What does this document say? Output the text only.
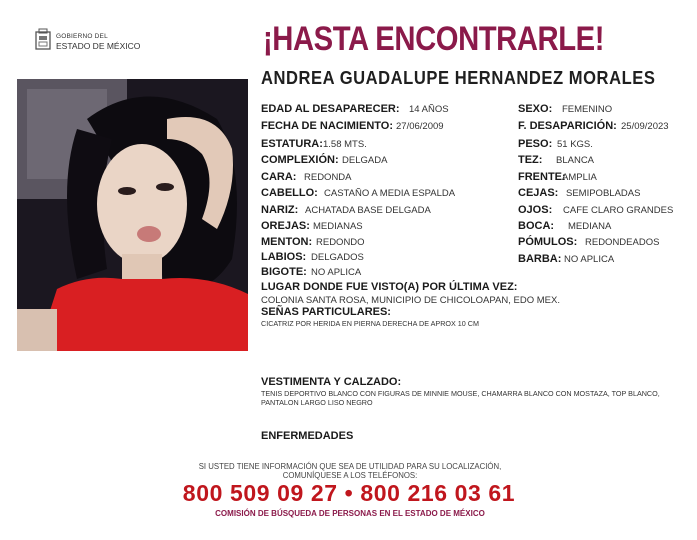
GOBIERNO DEL
ESTADO DE MÉXICO	¡HASTA ENCONTRARLE!
ANDREA GUADALUPE HERNANDEZ MORALES
EDAD AL DESAPARECER: 14 AÑOS
FECHA DE NACIMIENTO: 27/06/2009
ESTATURA: 1.58 MTS.
COMPLEXIÓN: DELGADA
CARA: REDONDA
CABELLO: CASTAÑO A MEDIA ESPALDA
NARIZ: ACHATADA BASE DELGADA
OREJAS: MEDIANAS
MENTON: REDONDO
LABIOS: DELGADOS
BIGOTE: NO APLICA
SEXO: FEMENINO
F. DESAPARICIÓN: 25/09/2023
PESO: 51 KGS.
TEZ: BLANCA
FRENTE:
AMPLIA
CEJAS: SEMIPOBLADAS
OJOS: CAFE CLARO GRANDES
BOCA: MEDIANA
PÓMULOS: REDONDEADOS
BARBA: NO APLICA
LUGAR DONDE FUE VISTO(A) POR ÚLTIMA VEZ:
COLONIA SANTA ROSA, MUNICIPIO DE CHICOLOAPAN, EDO MEX.
SEÑAS PARTICULARES:
CICATRIZ POR HERIDA EN PIERNA DERECHA DE APROX 10 CM
VESTIMENTA Y CALZADO:
TENIS DEPORTIVO BLANCO CON FIGURAS DE MINNIE MOUSE, CHAMARRA BLANCO CON MOSTAZA, TOP BLANCO,
PANTALON LARGO LISO NEGRO
ENFERMEDADES
SI USTED TIENE INFORMACIÓN QUE SEA DE UTILIDAD PARA SU LOCALIZACIÓN,
COMUNÍQUESE A LOS TELÉFONOS:
800 509 09 27 • 800 216 03 61
COMISIÓN DE BÚSQUEDA DE PERSONAS EN EL ESTADO DE MÉXICO
